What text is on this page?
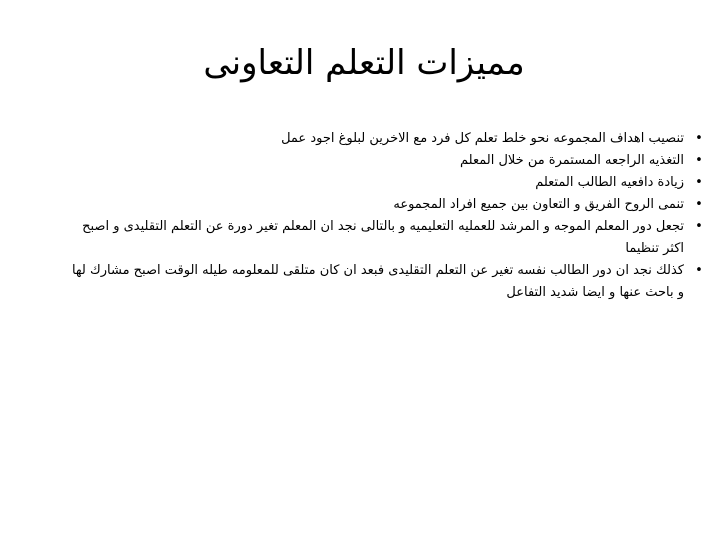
مميزات التعلم التعاونى
•
تنصيب اهداف المجموعه نحو خلط تعلم كل فرد مع الاخرين لبلوغ اجود عمل
•
التغذيه الراجعه المستمرة من خلال المعلم
•
زيادة دافعيه الطالب المتعلم
•
تنمى الروح الفريق و التعاون بين جميع افراد المجموعه
•
تجعل دور المعلم الموجه و المرشد للعمليه التعليميه و بالتالى نجد ان المعلم تغير دورة عن التعلم التقليدى و اصبح اكثر تنظيما
•
كذلك نجد ان دور الطالب نفسه تغير عن التعلم التقليدى فبعد ان كان متلقى للمعلومه طيله الوقت اصبح مشارك لها و باحث عنها و ايضا شديد التفاعل
